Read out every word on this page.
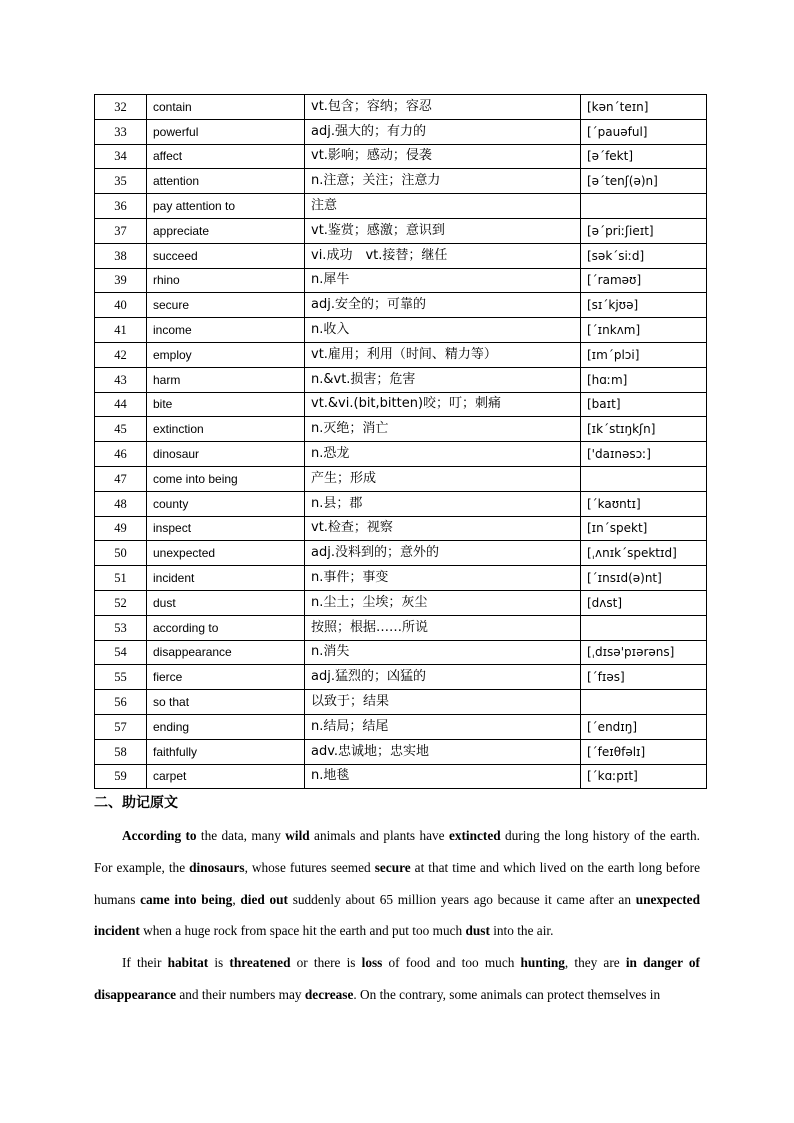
32	contain	vt.包含；容纳；容忍	[kən΄teɪn]
33	powerful	adj.强大的；有力的	[΄pauəful]
34	affect	vt.影响；感动；侵袭	[ə΄fekt]
35	attention	n.注意；关注；注意力	[ə΄tenʃ(ə)n]
36	pay attention to	注意	
37	appreciate	vt.鉴赏；感激；意识到	[ə΄priːʃieɪt]
38	succeed	vi.成功　vt.接替；继任	[sək΄siːd]
39	rhino	n.犀牛	[΄raməʊ]
40	secure	adj.安全的；可靠的	[sɪ΄kjʊə]
41	income	n.收入	[΄ɪnkʌm]
42	employ	vt.雇用；利用（时间、精力等）	[ɪm΄plɔi]
43	harm	n.&vt.损害；危害	[hɑːm]
44	bite	vt.&vi.(bit,bitten)咬；叮；刺痛	[baɪt]
45	extinction	n.灭绝；消亡	[ɪk΄stɪŋkʃn]
46	dinosaur	n.恐龙	['daɪnəsɔː]
47	come into being	产生；形成	
48	county	n.县；郡	[΄kaʊntɪ]
49	inspect	vt.检查；视察	[ɪn΄spekt]
50	unexpected	adj.没料到的；意外的	[ˌʌnɪk΄spektɪd]
51	incident	n.事件；事变	[΄ɪnsɪd(ə)nt]
52	dust	n.尘土；尘埃；灰尘	[dʌst]
53	according to	按照；根据……所说	
54	disappearance	n.消失	[ˌdɪsə'pɪərəns]
55	fierce	adj.猛烈的；凶猛的	[΄fɪəs]
56	so that	以致于；结果	
57	ending	n.结局；结尾	[΄endɪŋ]
58	faithfully	adv.忠诚地；忠实地	[΄feɪθfəlɪ]
59	carpet	n.地毯	[΄kɑːpɪt]
二、助记原文

According to the data, many wild animals and plants have extincted during the long history of the earth. For example, the dinosaurs, whose futures seemed secure at that time and which lived on the earth long before humans came into being, died out suddenly about 65 million years ago because it came after an unexpected incident when a huge rock from space hit the earth and put too much dust into the air.

If their habitat is threatened or there is loss of food and too much hunting, they are in danger of disappearance and their numbers may decrease. On the contrary, some animals can protect themselves in
